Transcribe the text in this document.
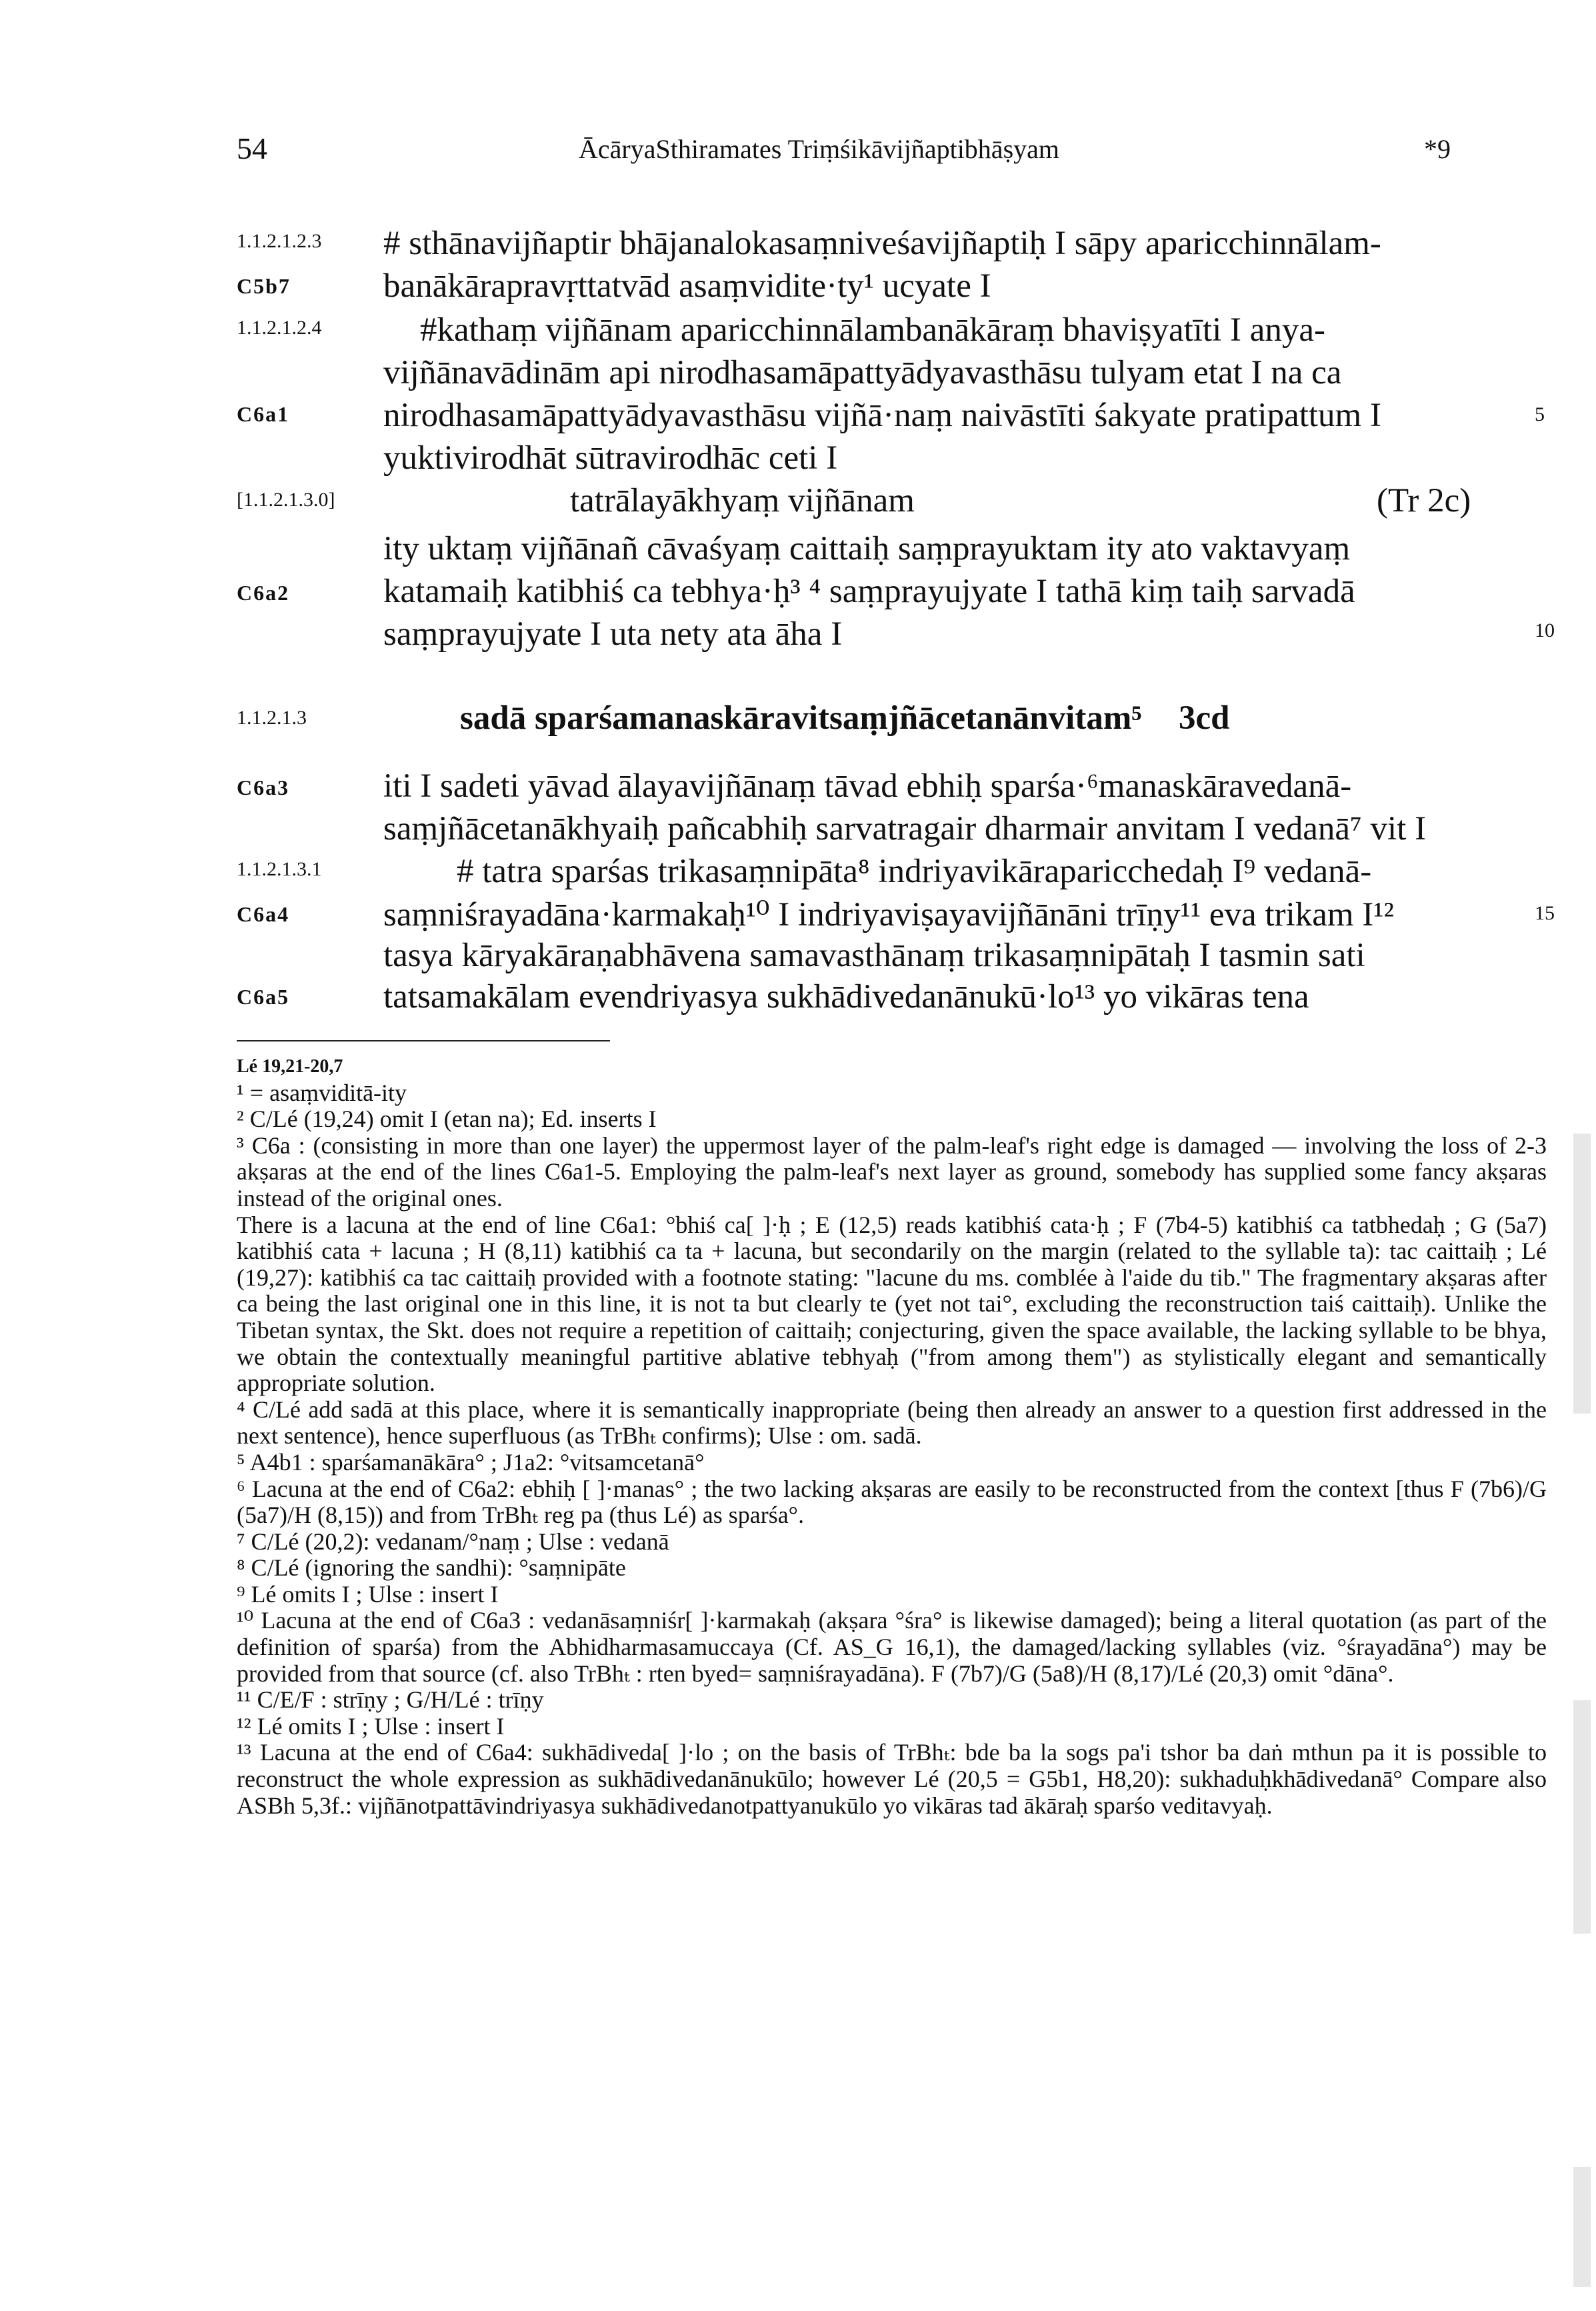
54	ĀcāryaSthiramates Triṃśikāvijñaptibhāṣyam	*9
1.1.2.1.2.3
C5b7
1.1.2.1.2.4
C6a1
[1.1.2.1.3.0]
C6a2
1.1.2.1.3
C6a3
1.1.2.1.3.1
C6a4
C6a5
# sthānavijñaptir bhājanalokasaṃniveśavijñaptiḥ I sāpy aparicchinnālam-
banākārapravṛttatvād asaṃvidite·ty¹ ucyate I
#kathaṃ vijñānam aparicchinnālambanākāraṃ bhaviṣyatīti I anya-
vijñānavādinām api nirodhasamāpattyādyavasthāsu tulyam etat I na ca
nirodhasamāpattyādyavasthāsu vijñā·naṃ naivāstīti śakyate pratipattum I
yuktivirodhāt sūtravirodhāc ceti I
tatrālayākhyaṃ vijñānam	(Tr 2c)
ity uktaṃ vijñānañ cāvaśyaṃ caittaiḥ saṃprayuktam ity ato vaktavyaṃ
katamaiḥ katibhiś ca tebhya·ḥ³ ⁴ saṃprayujyate I tathā kiṃ taiḥ sarvadā
saṃprayujyate I uta nety ata āha I
sadā sparśamanaskāravitsaṃjñācetanānvitam⁵ 3cd
iti I sadeti yāvad ālayavijñānaṃ tāvad ebhiḥ sparśa·⁶manaskāravedanā-
saṃjñācetanākhyaiḥ pañcabhiḥ sarvatragair dharmair anvitam I vedanā⁷ vit I
# tatra sparśas trikasaṃnipāta⁸ indriyavikāraparicchedaḥ I⁹ vedanā-
saṃniśrayadāna·karmakaḥ¹⁰ I indriyaviṣayavijñānāni trīṇy¹¹ eva trikam I¹²
tasya kāryakāraṇabhāvena samavasthānaṃ trikasaṃnipātaḥ I tasmin sati
tatsamakālam evendriyasya sukhādivedanānukū·lo¹³ yo vikāras tena
5
10
15

Lé 19,21-20,7

¹ = asaṃviditā-ity

² C/Lé (19,24) omit I (etan na); Ed. inserts I

³ C6a : (consisting in more than one layer) the uppermost layer of the palm-leaf's right edge is damaged — involving the loss of 2-3 akṣaras at the end of the lines C6a1-5. Employing the palm-leaf's next layer as ground, somebody has supplied some fancy akṣaras instead of the original ones.

There is a lacuna at the end of line C6a1: °bhiś ca[ ]·ḥ ; E (12,5) reads katibhiś cata·ḥ ; F (7b4-5) katibhiś ca tatbhedaḥ ; G (5a7) katibhiś cata + lacuna ; H (8,11) katibhiś ca ta + lacuna, but secondarily on the margin (related to the syllable ta): tac caittaiḥ ; Lé (19,27): katibhiś ca tac caittaiḥ provided with a footnote stating: "lacune du ms. comblée à l'aide du tib." The fragmentary akṣaras after ca being the last original one in this line, it is not ta but clearly te (yet not tai°, excluding the reconstruction taiś caittaiḥ). Unlike the Tibetan syntax, the Skt. does not require a repetition of caittaiḥ; conjecturing, given the space available, the lacking syllable to be bhya, we obtain the contextually meaningful partitive ablative tebhyaḥ ("from among them") as stylistically elegant and semantically appropriate solution.

⁴ C/Lé add sadā at this place, where it is semantically inappropriate (being then already an answer to a question first addressed in the next sentence), hence superfluous (as TrBhₜ confirms); Ulse : om. sadā.

⁵ A4b1 : sparśamanākāra° ; J1a2: °vitsamcetanā°

⁶ Lacuna at the end of C6a2: ebhiḥ [ ]·manas° ; the two lacking akṣaras are easily to be reconstructed from the context [thus F (7b6)/G (5a7)/H (8,15)) and from TrBhₜ reg pa (thus Lé) as sparśa°.

⁷ C/Lé (20,2): vedanam/°naṃ ; Ulse : vedanā

⁸ C/Lé (ignoring the sandhi): °saṃnipāte

⁹ Lé omits I ; Ulse : insert I

¹⁰ Lacuna at the end of C6a3 : vedanāsaṃniśr[ ]·karmakaḥ (akṣara °śra° is likewise damaged); being a literal quotation (as part of the definition of sparśa) from the Abhidharmasamuccaya (Cf. AS_G 16,1), the damaged/lacking syllables (viz. °śrayadāna°) may be provided from that source (cf. also TrBhₜ : rten byed= saṃniśrayadāna). F (7b7)/G (5a8)/H (8,17)/Lé (20,3) omit °dāna°.

¹¹ C/E/F : strīṇy ; G/H/Lé : trīṇy

¹² Lé omits I ; Ulse : insert I

¹³ Lacuna at the end of C6a4: sukhādiveda[ ]·lo ; on the basis of TrBhₜ: bde ba la sogs pa'i tshor ba daṅ mthun pa it is possible to reconstruct the whole expression as sukhādivedanānukūlo; however Lé (20,5 = G5b1, H8,20): sukhaduḥkhādivedanā° Compare also ASBh 5,3f.: vijñānotpattāvindriyasya sukhādivedanotpattyanukūlo yo vikāras tad ākāraḥ sparśo veditavyaḥ.
